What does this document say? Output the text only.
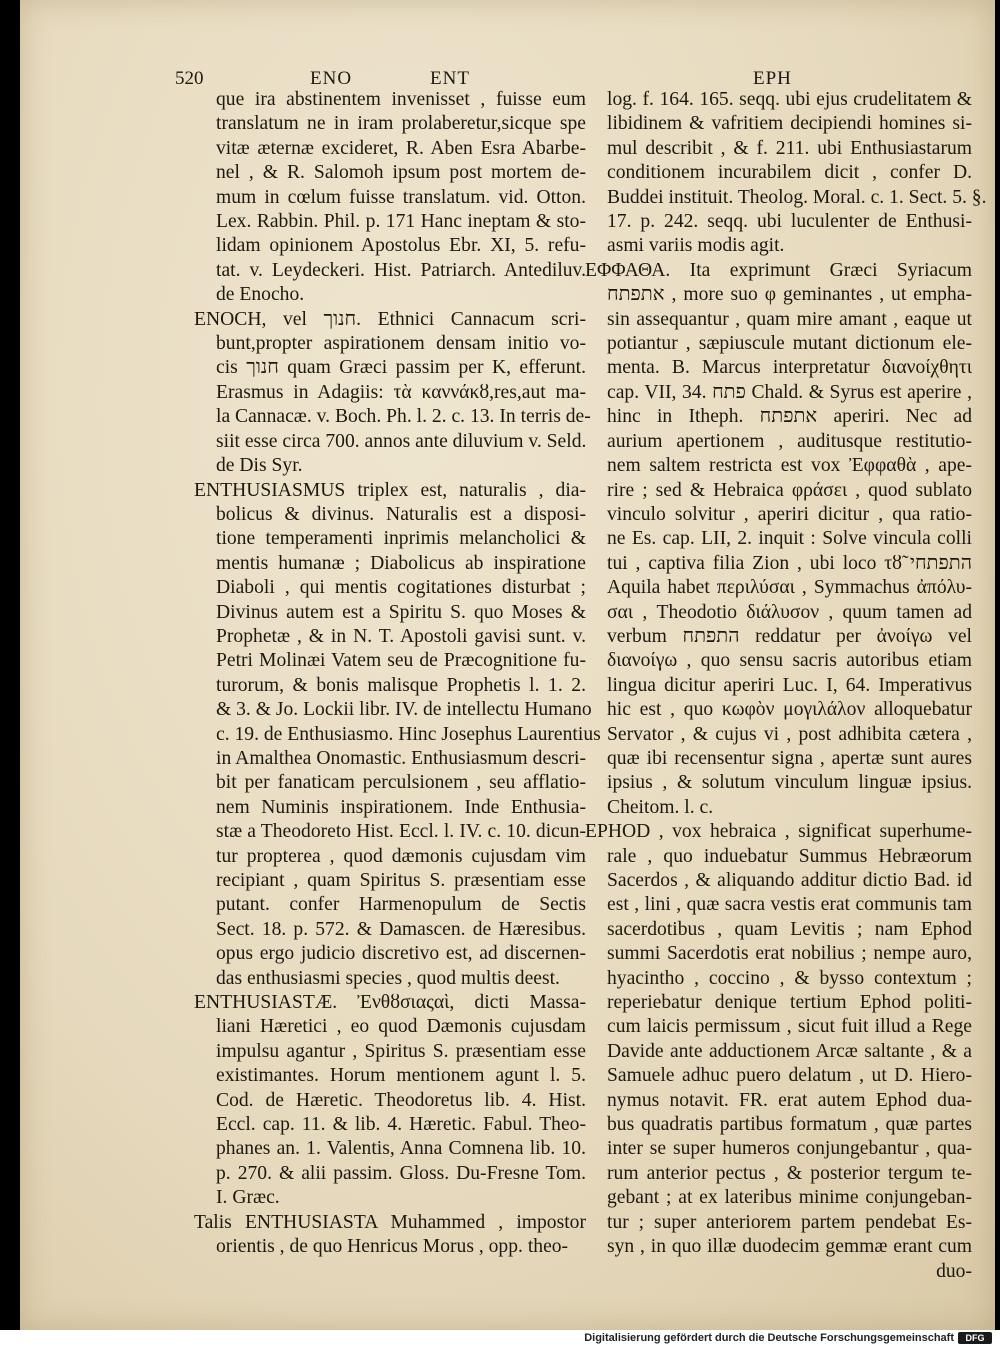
520	ENO	ENT	EPH
que ira abstinentem invenisset , fuisse eum
translatum ne in iram prolaberetur,sicque spe
vitæ æternæ excideret, R. Aben Esra Abarbe-
nel , & R. Salomoh ipsum post mortem de-
mum in cœlum fuisse translatum. vid. Otton.
Lex. Rabbin. Phil. p. 171 Hanc ineptam & sto-
lidam opinionem Apostolus Ebr. XI, 5. refu-
tat. v. Leydeckeri. Hist. Patriarch. Antediluv.
de Enocho.
ENOCH, vel חנוך. Ethnici Cannacum scri-
bunt,propter aspirationem densam initio vo-
cis חנוך quam Græci passim per K, efferunt.
Erasmus in Adagiis: τὰ καννάκȣ,res,aut ma-
la Cannacæ. v. Boch. Ph. l. 2. c. 13. In terris de-
siit esse circa 700. annos ante diluvium v. Seld.
de Dis Syr.
ENTHUSIASMUS triplex est, naturalis , dia-
bolicus & divinus. Naturalis est a disposi-
tione temperamenti inprimis melancholici &
mentis humanæ ; Diabolicus ab inspiratione
Diaboli , qui mentis cogitationes disturbat ;
Divinus autem est a Spiritu S. quo Moses &
Prophetæ , & in N. T. Apostoli gavisi sunt. v.
Petri Molinæi Vatem seu de Præcognitione fu-
turorum, & bonis malisque Prophetis l. 1. 2.
& 3. & Jo. Lockii libr. IV. de intellectu Humano
c. 19. de Enthusiasmo. Hinc Josephus Laurentius
in Amalthea Onomastic. Enthusiasmum descri-
bit per fanaticam perculsionem , seu afflatio-
nem Numinis inspirationem. Inde Enthusia-
stæ a Theodoreto Hist. Eccl. l. IV. c. 10. dicun-
tur propterea , quod dæmonis cujusdam vim
recipiant , quam Spiritus S. præsentiam esse
putant. confer Harmenopulum de Sectis
Sect. 18. p. 572. & Damascen. de Hæresibus.
opus ergo judicio discretivo est, ad discernen-
das enthusiasmi species , quod multis deest.
ENTHUSIASTÆ. Ἐνθȣσιαςαὶ, dicti Massa-
liani Hæretici , eo quod Dæmonis cujusdam
impulsu agantur , Spiritus S. præsentiam esse
existimantes. Horum mentionem agunt l. 5.
Cod. de Hæretic. Theodoretus lib. 4. Hist.
Eccl. cap. 11. & lib. 4. Hæretic. Fabul. Theo-
phanes an. 1. Valentis, Anna Comnena lib. 10.
p. 270. & alii passim. Gloss. Du-Fresne Tom.
I. Græc.
Talis ENTHUSIASTA Muhammed , impostor
orientis , de quo Henricus Morus , opp. theo-
log. f. 164. 165. seqq. ubi ejus crudelitatem &
libidinem & vafritiem decipiendi homines si-
mul describit , & f. 211. ubi Enthusiastarum
conditionem incurabilem dicit , confer D.
Buddei instituit. Theolog. Moral. c. 1. Sect. 5. §.
17. p. 242. seqq. ubi luculenter de Enthusi-
asmi variis modis agit.
ΕΦΦΑΘΑ. Ita exprimunt Græci Syriacum
אתפתח , more suo φ geminantes , ut empha-
sin assequantur , quam mire amant , eaque ut
potiantur , sæpiuscule mutant dictionum ele-
menta. B. Marcus interpretatur διανοίχθητι
cap. VII, 34. פתח Chald. & Syrus est aperire ,
hinc in Itheph. אתפתח aperiri. Nec ad
aurium apertionem , auditusque restitutio-
nem saltem restricta est vox Ἐφφαθὰ , ape-
rire ; sed & Hebraica φράσει , quod sublato
vinculo solvitur , aperiri dicitur , qua ratio-
ne Es. cap. LII, 2. inquit : Solve vincula colli
tui , captiva filia Zion , ubi loco τȣ̃ התפתחי
Aquila habet περιλύσαι , Symmachus ἀπόλυ-
σαι , Theodotio διάλυσον , quum tamen ad
verbum התפתח reddatur per ἀνοίγω vel
διανοίγω , quo sensu sacris autoribus etiam
lingua dicitur aperiri Luc. I, 64. Imperativus
hic est , quo κωφὸν μογιλάλον alloquebatur
Servator , & cujus vi , post adhibita cætera ,
quæ ibi recensentur signa , apertæ sunt aures
ipsius , & solutum vinculum linguæ ipsius.
Cheitom. l. c.
EPHOD , vox hebraica , significat superhume-
rale , quo induebatur Summus Hebræorum
Sacerdos , & aliquando additur dictio Bad. id
est , lini , quæ sacra vestis erat communis tam
sacerdotibus , quam Levitis ; nam Ephod
summi Sacerdotis erat nobilius ; nempe auro,
hyacintho , coccino , & bysso contextum ;
reperiebatur denique tertium Ephod politi-
cum laicis permissum , sicut fuit illud a Rege
Davide ante adductionem Arcæ saltante , & a
Samuele adhuc puero delatum , ut D. Hiero-
nymus notavit. FR. erat autem Ephod dua-
bus quadratis partibus formatum , quæ partes
inter se super humeros conjungebantur , qua-
rum anterior pectus , & posterior tergum te-
gebant ; at ex lateribus minime conjungeban-
tur ; super anteriorem partem pendebat Es-
syn , in quo illæ duodecim gemmæ erant cum
duo-
Digitalisierung gefördert durch die Deutsche Forschungsgemeinschaft	DFG
